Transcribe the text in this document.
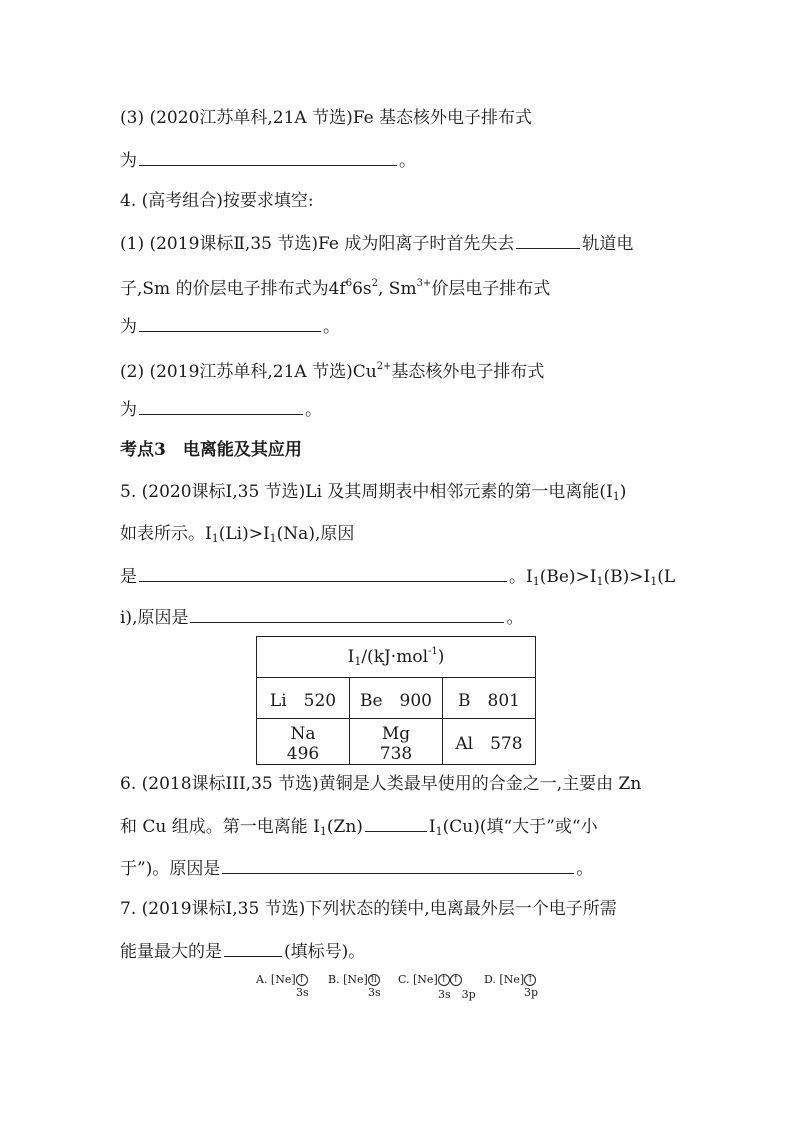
(3) (2020江苏单科,21A 节选)Fe 基态核外电子排布式
为	。
4. (高考组合)按要求填空:
(1) (2019课标Ⅱ,35 节选)Fe 成为阳离子时首先失去	轨道电
子,Sm 的价层电子排布式为$4f^66s^2$, $Sm^{3+}$价层电子排布式
为	。
(2) (2019江苏单科,21A 节选)$Cu^{2+}$基态核外电子排布式
为	。
考点3　电离能及其应用
5. (2020课标Ⅰ,35 节选)Li 及其周期表中相邻元素的第一电离能$(I_1)$
如表所示。$I_1(Li)>I_1(Na)$,原因
是	。$I_1(Be)>I_1(B)>I_1(L$
i),原因是	。
$I_1/(kJ\cdot mol^{-1})$		
Li　520	Be　900	B　801
Na　496	Mg　738	Al　578
6. (2018课标III,35 节选)黄铜是人类最早使用的合金之一,主要由 Zn
和 Cu 组成。第一电离能 $I_1(Zn)$	$I_1(Cu)$(填“大于”或“小
于”)。原因是	。
7. (2019课标Ⅰ,35 节选)下列状态的镁中,电离最外层一个电子所需
能量最大的是	(填标号)。
A. [Ne] ↑
3s
B. [Ne] ⇅
3s
C. [Ne] ↑ ↑
3s　3p
D. [Ne] ↑
3p
